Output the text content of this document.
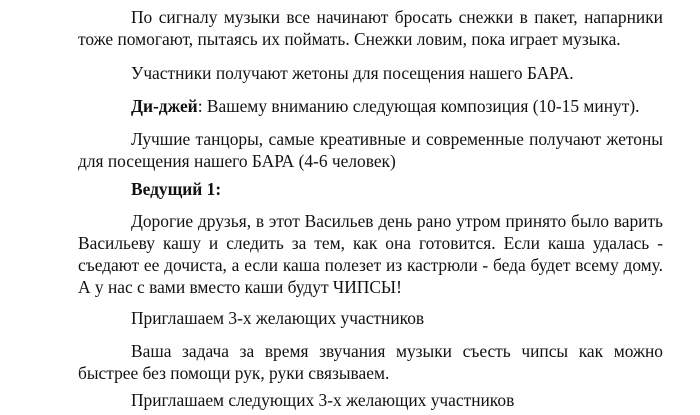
По сигналу музыки все начинают бросать снежки в пакет, напарники тоже помогают, пытаясь их поймать. Снежки ловим, пока играет музыка.

Участники получают жетоны для посещения нашего БАРА.

Ди-джей: Вашему вниманию следующая композиция (10-15 минут).

Лучшие танцоры, самые креативные и современные получают жетоны для посещения нашего БАРА (4-6 человек)

Ведущий 1:

Дорогие друзья, в этот Васильев день рано утром принято было варить Васильеву кашу и следить за тем, как она готовится. Если каша удалась - съедают ее дочиста, а если каша полезет из кастрюли - беда будет всему дому. А у нас с вами вместо каши будут ЧИПСЫ!

Приглашаем 3-х желающих участников

Ваша задача за время звучания музыки съесть чипсы как можно быстрее без помощи рук, руки связываем.

Приглашаем следующих 3-х желающих участников
